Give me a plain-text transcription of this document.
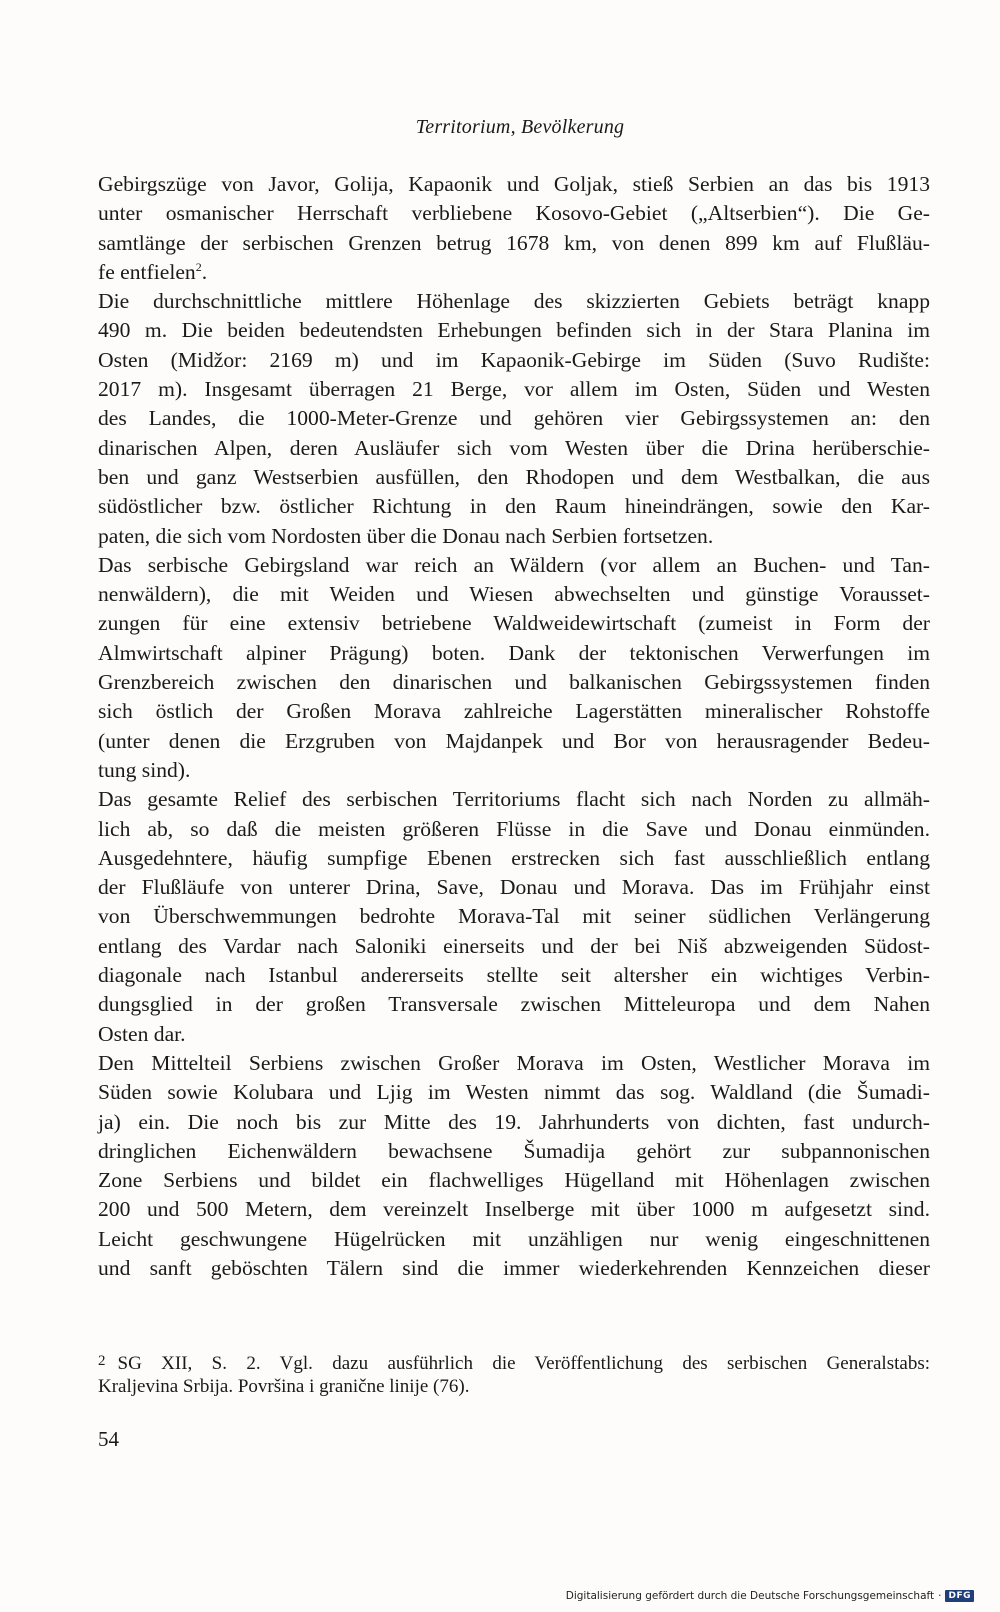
Territorium, Bevölkerung
Gebirgszüge von Javor, Golija, Kapaonik und Goljak, stieß Serbien an das bis 1913
unter osmanischer Herrschaft verbliebene Kosovo-Gebiet („Altserbien“). Die Ge-
samtlänge der serbischen Grenzen betrug 1678 km, von denen 899 km auf Flußläu-
fe entfielen$^2$.
Die durchschnittliche mittlere Höhenlage des skizzierten Gebiets beträgt knapp
490 m. Die beiden bedeutendsten Erhebungen befinden sich in der Stara Planina im
Osten (Midžor: 2169 m) und im Kapaonik-Gebirge im Süden (Suvo Rudište:
2017 m). Insgesamt überragen 21 Berge, vor allem im Osten, Süden und Westen
des Landes, die 1000-Meter-Grenze und gehören vier Gebirgssystemen an: den
dinarischen Alpen, deren Ausläufer sich vom Westen über die Drina herüberschie-
ben und ganz Westserbien ausfüllen, den Rhodopen und dem Westbalkan, die aus
südöstlicher bzw. östlicher Richtung in den Raum hineindrängen, sowie den Kar-
paten, die sich vom Nordosten über die Donau nach Serbien fortsetzen.
Das serbische Gebirgsland war reich an Wäldern (vor allem an Buchen- und Tan-
nenwäldern), die mit Weiden und Wiesen abwechselten und günstige Vorausset-
zungen für eine extensiv betriebene Waldweidewirtschaft (zumeist in Form der
Almwirtschaft alpiner Prägung) boten. Dank der tektonischen Verwerfungen im
Grenzbereich zwischen den dinarischen und balkanischen Gebirgssystemen finden
sich östlich der Großen Morava zahlreiche Lagerstätten mineralischer Rohstoffe
(unter denen die Erzgruben von Majdanpek und Bor von herausragender Bedeu-
tung sind).
Das gesamte Relief des serbischen Territoriums flacht sich nach Norden zu allmäh-
lich ab, so daß die meisten größeren Flüsse in die Save und Donau einmünden.
Ausgedehntere, häufig sumpfige Ebenen erstrecken sich fast ausschließlich entlang
der Flußläufe von unterer Drina, Save, Donau und Morava. Das im Frühjahr einst
von Überschwemmungen bedrohte Morava-Tal mit seiner südlichen Verlängerung
entlang des Vardar nach Saloniki einerseits und der bei Niš abzweigenden Südost-
diagonale nach Istanbul andererseits stellte seit altersher ein wichtiges Verbin-
dungsglied in der großen Transversale zwischen Mitteleuropa und dem Nahen
Osten dar.
Den Mittelteil Serbiens zwischen Großer Morava im Osten, Westlicher Morava im
Süden sowie Kolubara und Ljig im Westen nimmt das sog. Waldland (die Šumadi-
ja) ein. Die noch bis zur Mitte des 19. Jahrhunderts von dichten, fast undurch-
dringlichen Eichenwäldern bewachsene Šumadija gehört zur subpannonischen
Zone Serbiens und bildet ein flachwelliges Hügelland mit Höhenlagen zwischen
200 und 500 Metern, dem vereinzelt Inselberge mit über 1000 m aufgesetzt sind.
Leicht geschwungene Hügelrücken mit unzähligen nur wenig eingeschnittenen
und sanft geböschten Tälern sind die immer wiederkehrenden Kennzeichen dieser
$^2$ SG XII, S. 2. Vgl. dazu ausführlich die Veröffentlichung des serbischen Generalstabs:
Kraljevina Srbija. Površina i granične linije (76).
54
Digitalisierung gefördert durch die Deutsche Forschungsgemeinschaft · DFG
